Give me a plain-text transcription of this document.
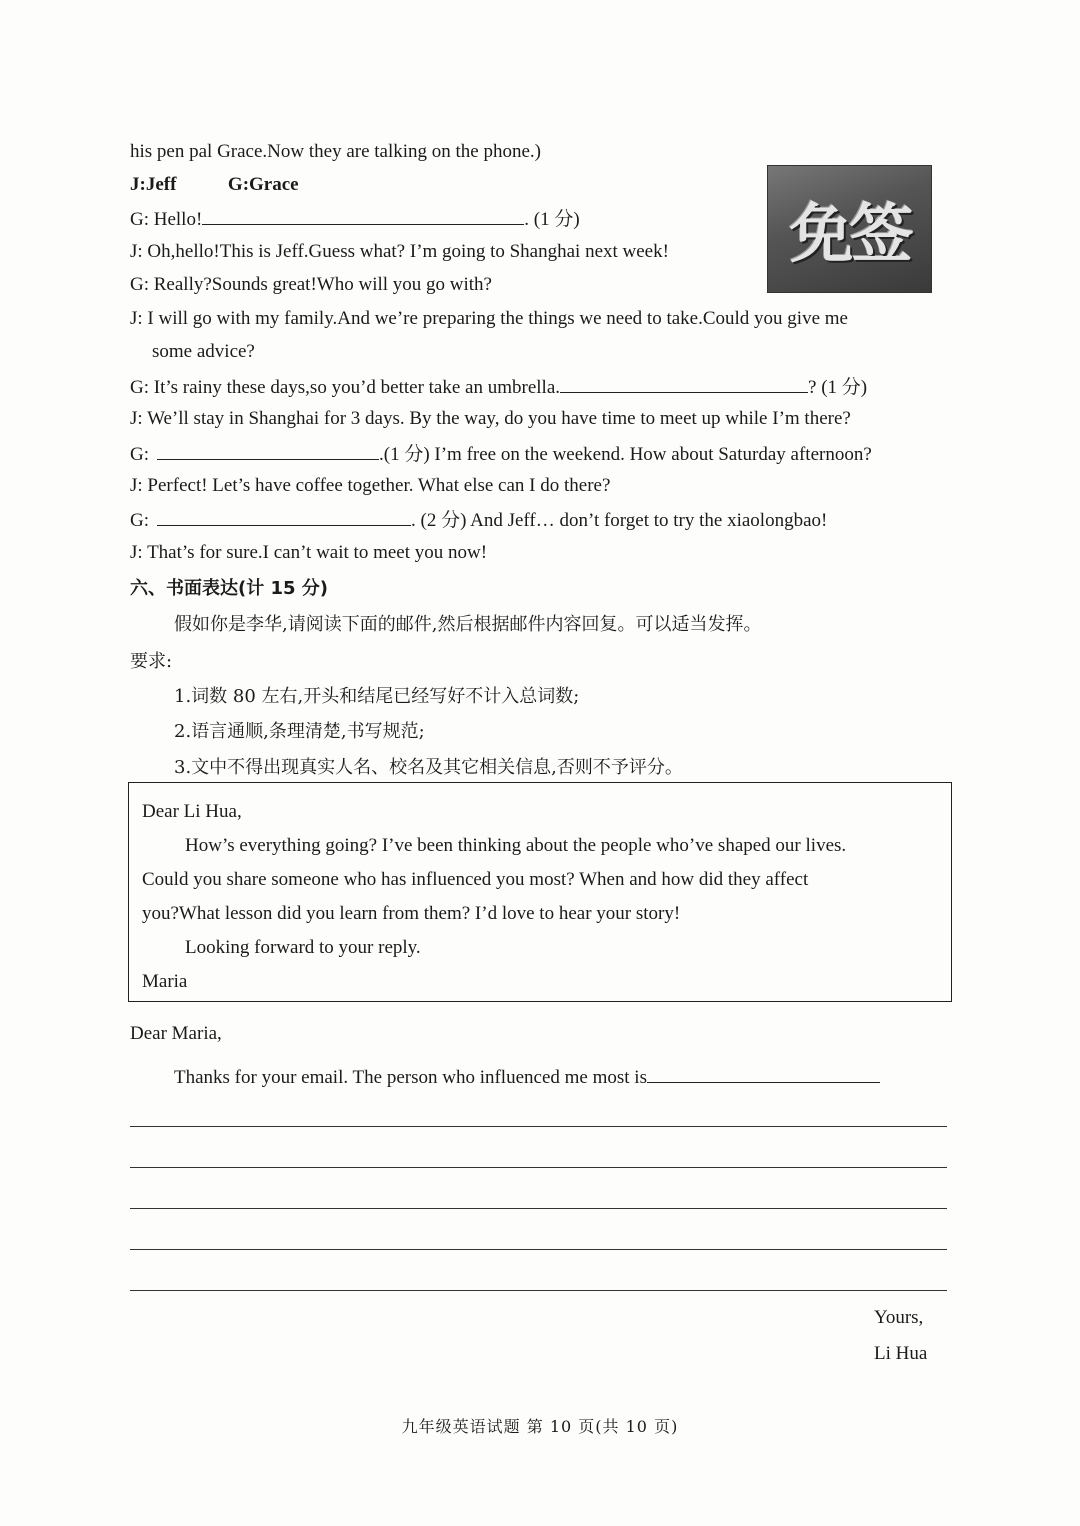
his pen pal Grace.Now they are talking on the phone.)
J:Jeff	G:Grace
免签
G: Hello!	. (1 分)
J: Oh,hello!This is Jeff.Guess what? I’m going to Shanghai next week!
G: Really?Sounds great!Who will you go with?
J: I will go with my family.And we’re preparing the things we need to take.Could you give me
some advice?
G: It’s rainy these days,so you’d better take an umbrella.	? (1 分)
J: We’ll stay in Shanghai for 3 days. By the way, do you have time to meet up while I’m there?
G:	.(1 分) I’m free on the weekend. How about Saturday afternoon?
J: Perfect! Let’s have coffee together. What else can I do there?
G:	. (2 分) And Jeff… don’t forget to try the xiaolongbao!
J: That’s for sure.I can’t wait to meet you now!
六、书面表达(计 15 分)
假如你是李华,请阅读下面的邮件,然后根据邮件内容回复。可以适当发挥。
要求:
1.词数 80 左右,开头和结尾已经写好不计入总词数;
2.语言通顺,条理清楚,书写规范;
3.文中不得出现真实人名、校名及其它相关信息,否则不予评分。
Dear Li Hua,
How’s everything going? I’ve been thinking about the people who’ve shaped our lives.
Could you share someone who has influenced you most? When and how did they affect
you?What lesson did you learn from them? I’d love to hear your story!
Looking forward to your reply.
Maria
Dear Maria,
Thanks for your email. The person who influenced me most is
Yours,
Li Hua
九年级英语试题 第 10 页(共 10 页)
